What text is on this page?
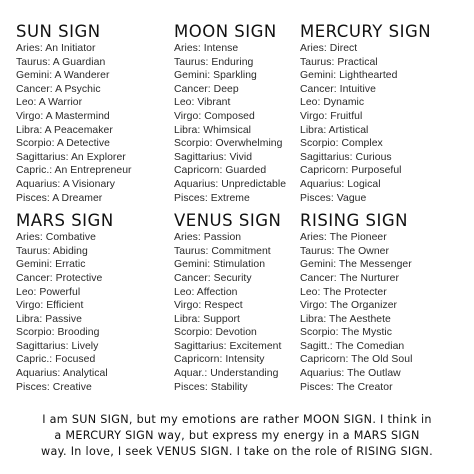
SUN SIGN
Aries: An Initiator
Taurus: A Guardian
Gemini: A Wanderer
Cancer: A Psychic
Leo: A Warrior
Virgo: A Mastermind
Libra: A Peacemaker
Scorpio: A Detective
Sagittarius: An Explorer
Capric.: An Entrepreneur
Aquarius: A Visionary
Pisces: A Dreamer
MOON SIGN
Aries: Intense
Taurus: Enduring
Gemini: Sparkling
Cancer: Deep
Leo: Vibrant
Virgo: Composed
Libra: Whimsical
Scorpio: Overwhelming
Sagittarius: Vivid
Capricorn: Guarded
Aquarius: Unpredictable
Pisces: Extreme
MERCURY SIGN
Aries: Direct
Taurus: Practical
Gemini: Lighthearted
Cancer: Intuitive
Leo: Dynamic
Virgo: Fruitful
Libra: Artistical
Scorpio: Complex
Sagittarius: Curious
Capricorn: Purposeful
Aquarius: Logical
Pisces: Vague
MARS SIGN
Aries: Combative
Taurus: Abiding
Gemini: Erratic
Cancer: Protective
Leo: Powerful
Virgo: Efficient
Libra: Passive
Scorpio: Brooding
Sagittarius: Lively
Capric.: Focused
Aquarius: Analytical
Pisces: Creative
VENUS SIGN
Aries: Passion
Taurus: Commitment
Gemini: Stimulation
Cancer: Security
Leo: Affection
Virgo: Respect
Libra: Support
Scorpio: Devotion
Sagittarius: Excitement
Capricorn: Intensity
Aquar.: Understanding
Pisces: Stability
RISING SIGN
Aries: The Pioneer
Taurus: The Owner
Gemini: The Messenger
Cancer: The Nurturer
Leo: The Protecter
Virgo: The Organizer
Libra: The Aesthete
Scorpio: The Mystic
Sagitt.: The Comedian
Capricorn: The Old Soul
Aquarius: The Outlaw
Pisces: The Creator
I am SUN SIGN, but my emotions are rather MOON SIGN. I think in
a MERCURY SIGN way, but express my energy in a MARS SIGN
way. In love, I seek VENUS SIGN. I take on the role of RISING SIGN.
